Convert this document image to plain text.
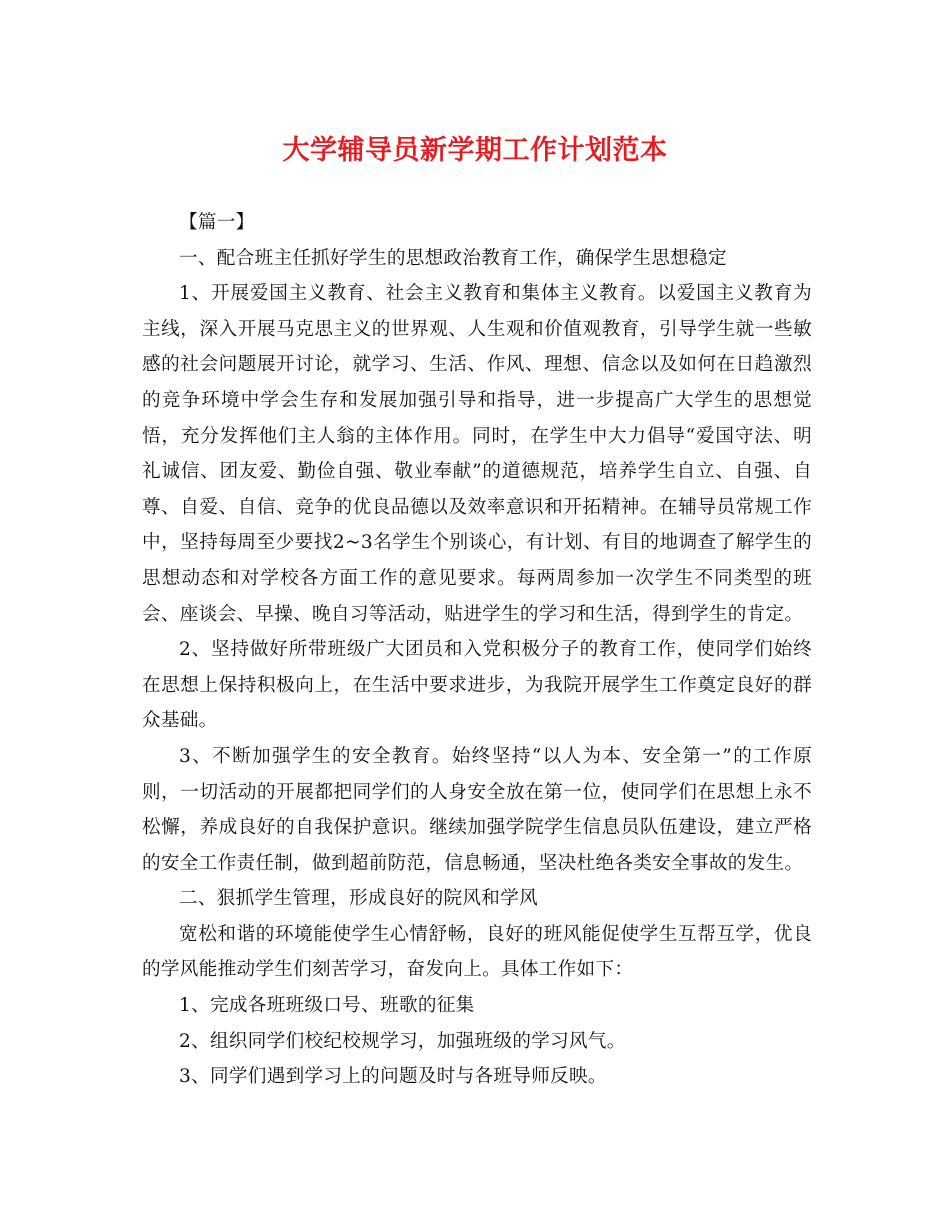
大学辅导员新学期工作计划范本

【篇一】

一、配合班主任抓好学生的思想政治教育工作，确保学生思想稳定

1、开展爱国主义教育、社会主义教育和集体主义教育。以爱国主义教育为主线，深入开展马克思主义的世界观、人生观和价值观教育，引导学生就一些敏感的社会问题展开讨论，就学习、生活、作风、理想、信念以及如何在日趋激烈的竞争环境中学会生存和发展加强引导和指导，进一步提高广大学生的思想觉悟，充分发挥他们主人翁的主体作用。同时，在学生中大力倡导“爱国守法、明礼诚信、团友爱、勤俭自强、敬业奉献”的道德规范，培养学生自立、自强、自尊、自爱、自信、竞争的优良品德以及效率意识和开拓精神。在辅导员常规工作中，坚持每周至少要找2~3名学生个别谈心，有计划、有目的地调查了解学生的思想动态和对学校各方面工作的意见要求。每两周参加一次学生不同类型的班会、座谈会、早操、晚自习等活动，贴进学生的学习和生活，得到学生的肯定。

2、坚持做好所带班级广大团员和入党积极分子的教育工作，使同学们始终在思想上保持积极向上，在生活中要求进步，为我院开展学生工作奠定良好的群众基础。

3、不断加强学生的安全教育。始终坚持“以人为本、安全第一”的工作原则，一切活动的开展都把同学们的人身安全放在第一位，使同学们在思想上永不松懈，养成良好的自我保护意识。继续加强学院学生信息员队伍建设，建立严格的安全工作责任制，做到超前防范，信息畅通，坚决杜绝各类安全事故的发生。

二、狠抓学生管理，形成良好的院风和学风

宽松和谐的环境能使学生心情舒畅，良好的班风能促使学生互帮互学，优良的学风能推动学生们刻苦学习，奋发向上。具体工作如下：

1、完成各班班级口号、班歌的征集

2、组织同学们校纪校规学习，加强班级的学习风气。

3、同学们遇到学习上的问题及时与各班导师反映。
